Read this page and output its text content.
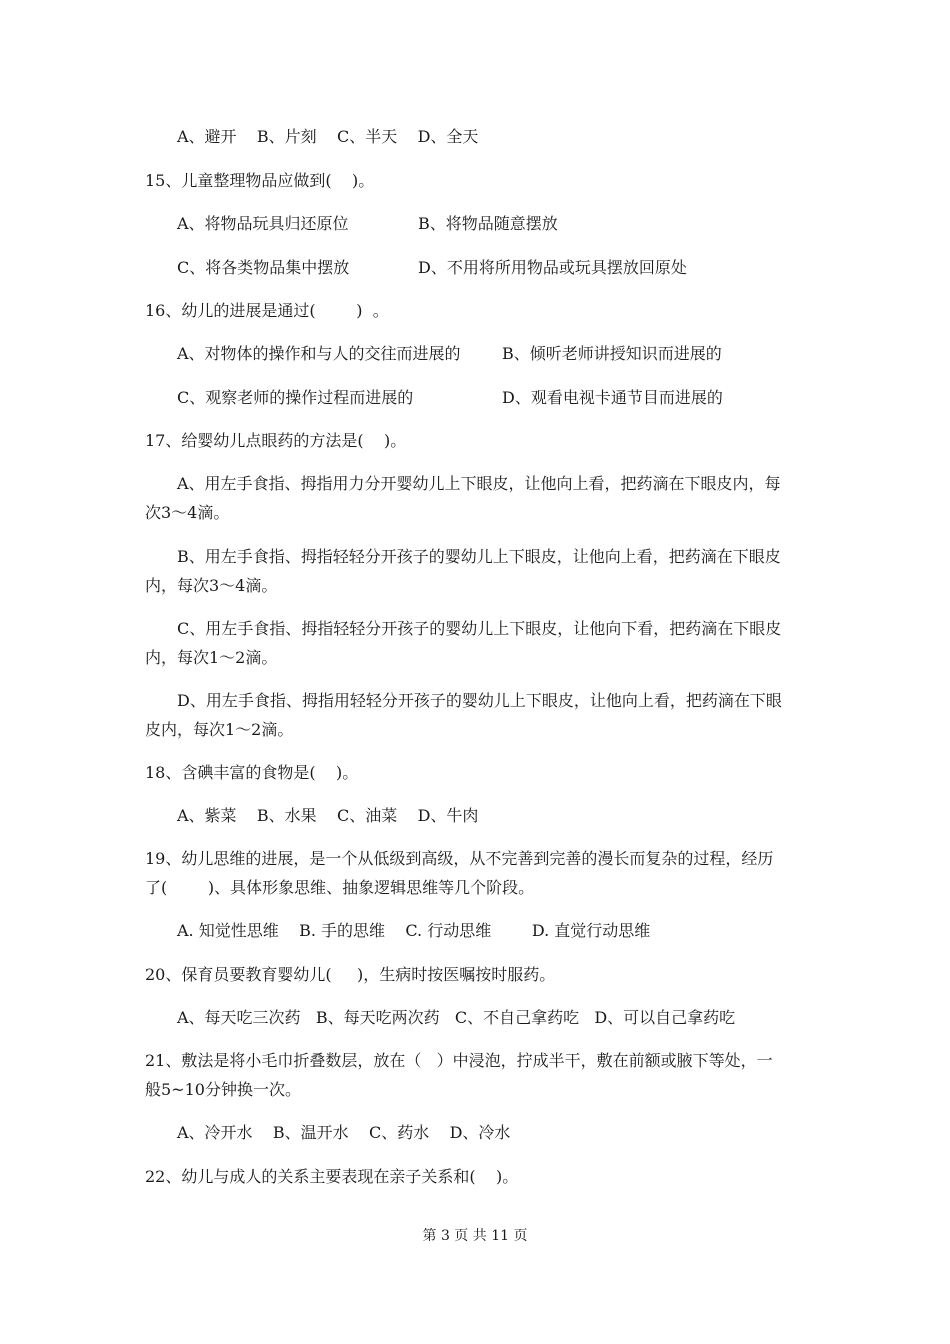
A、避开    B、片刻    C、半天    D、全天
15、儿童整理物品应做到(    )。
A、将物品玩具归还原位	B、将物品随意摆放
C、将各类物品集中摆放	D、不用将所用物品或玩具摆放回原处
16、幼儿的进展是通过(        )  。
A、对物体的操作和与人的交往而进展的	B、倾听老师讲授知识而进展的
C、观察老师的操作过程而进展的	D、观看电视卡通节目而进展的
17、给婴幼儿点眼药的方法是(    )。
A、用左手食指、拇指用力分开婴幼儿上下眼皮，让他向上看，把药滴在下眼皮内，每
次3～4滴。
B、用左手食指、拇指轻轻分开孩子的婴幼儿上下眼皮，让他向上看，把药滴在下眼皮
内，每次3～4滴。
C、用左手食指、拇指轻轻分开孩子的婴幼儿上下眼皮，让他向下看，把药滴在下眼皮
内，每次1～2滴。
D、用左手食指、拇指用轻轻分开孩子的婴幼儿上下眼皮，让他向上看，把药滴在下眼
皮内，每次1～2滴。
18、含碘丰富的食物是(    )。
A、紫菜    B、水果    C、油菜    D、牛肉
19、幼儿思维的进展，是一个从低级到高级，从不完善到完善的漫长而复杂的过程，经历
了(        )、具体形象思维、抽象逻辑思维等几个阶段。
A. 知觉性思维    B. 手的思维    C. 行动思维        D. 直觉行动思维
20、保育员要教育婴幼儿(     )，生病时按医嘱按时服药。
A、每天吃三次药   B、每天吃两次药   C、不自己拿药吃   D、可以自己拿药吃
21、敷法是将小毛巾折叠数层，放在（   ）中浸泡，拧成半干，敷在前额或腋下等处，一
般5~10分钟换一次。
A、冷开水    B、温开水    C、药水    D、冷水
22、幼儿与成人的关系主要表现在亲子关系和(    )。
第 3 页 共 11 页
